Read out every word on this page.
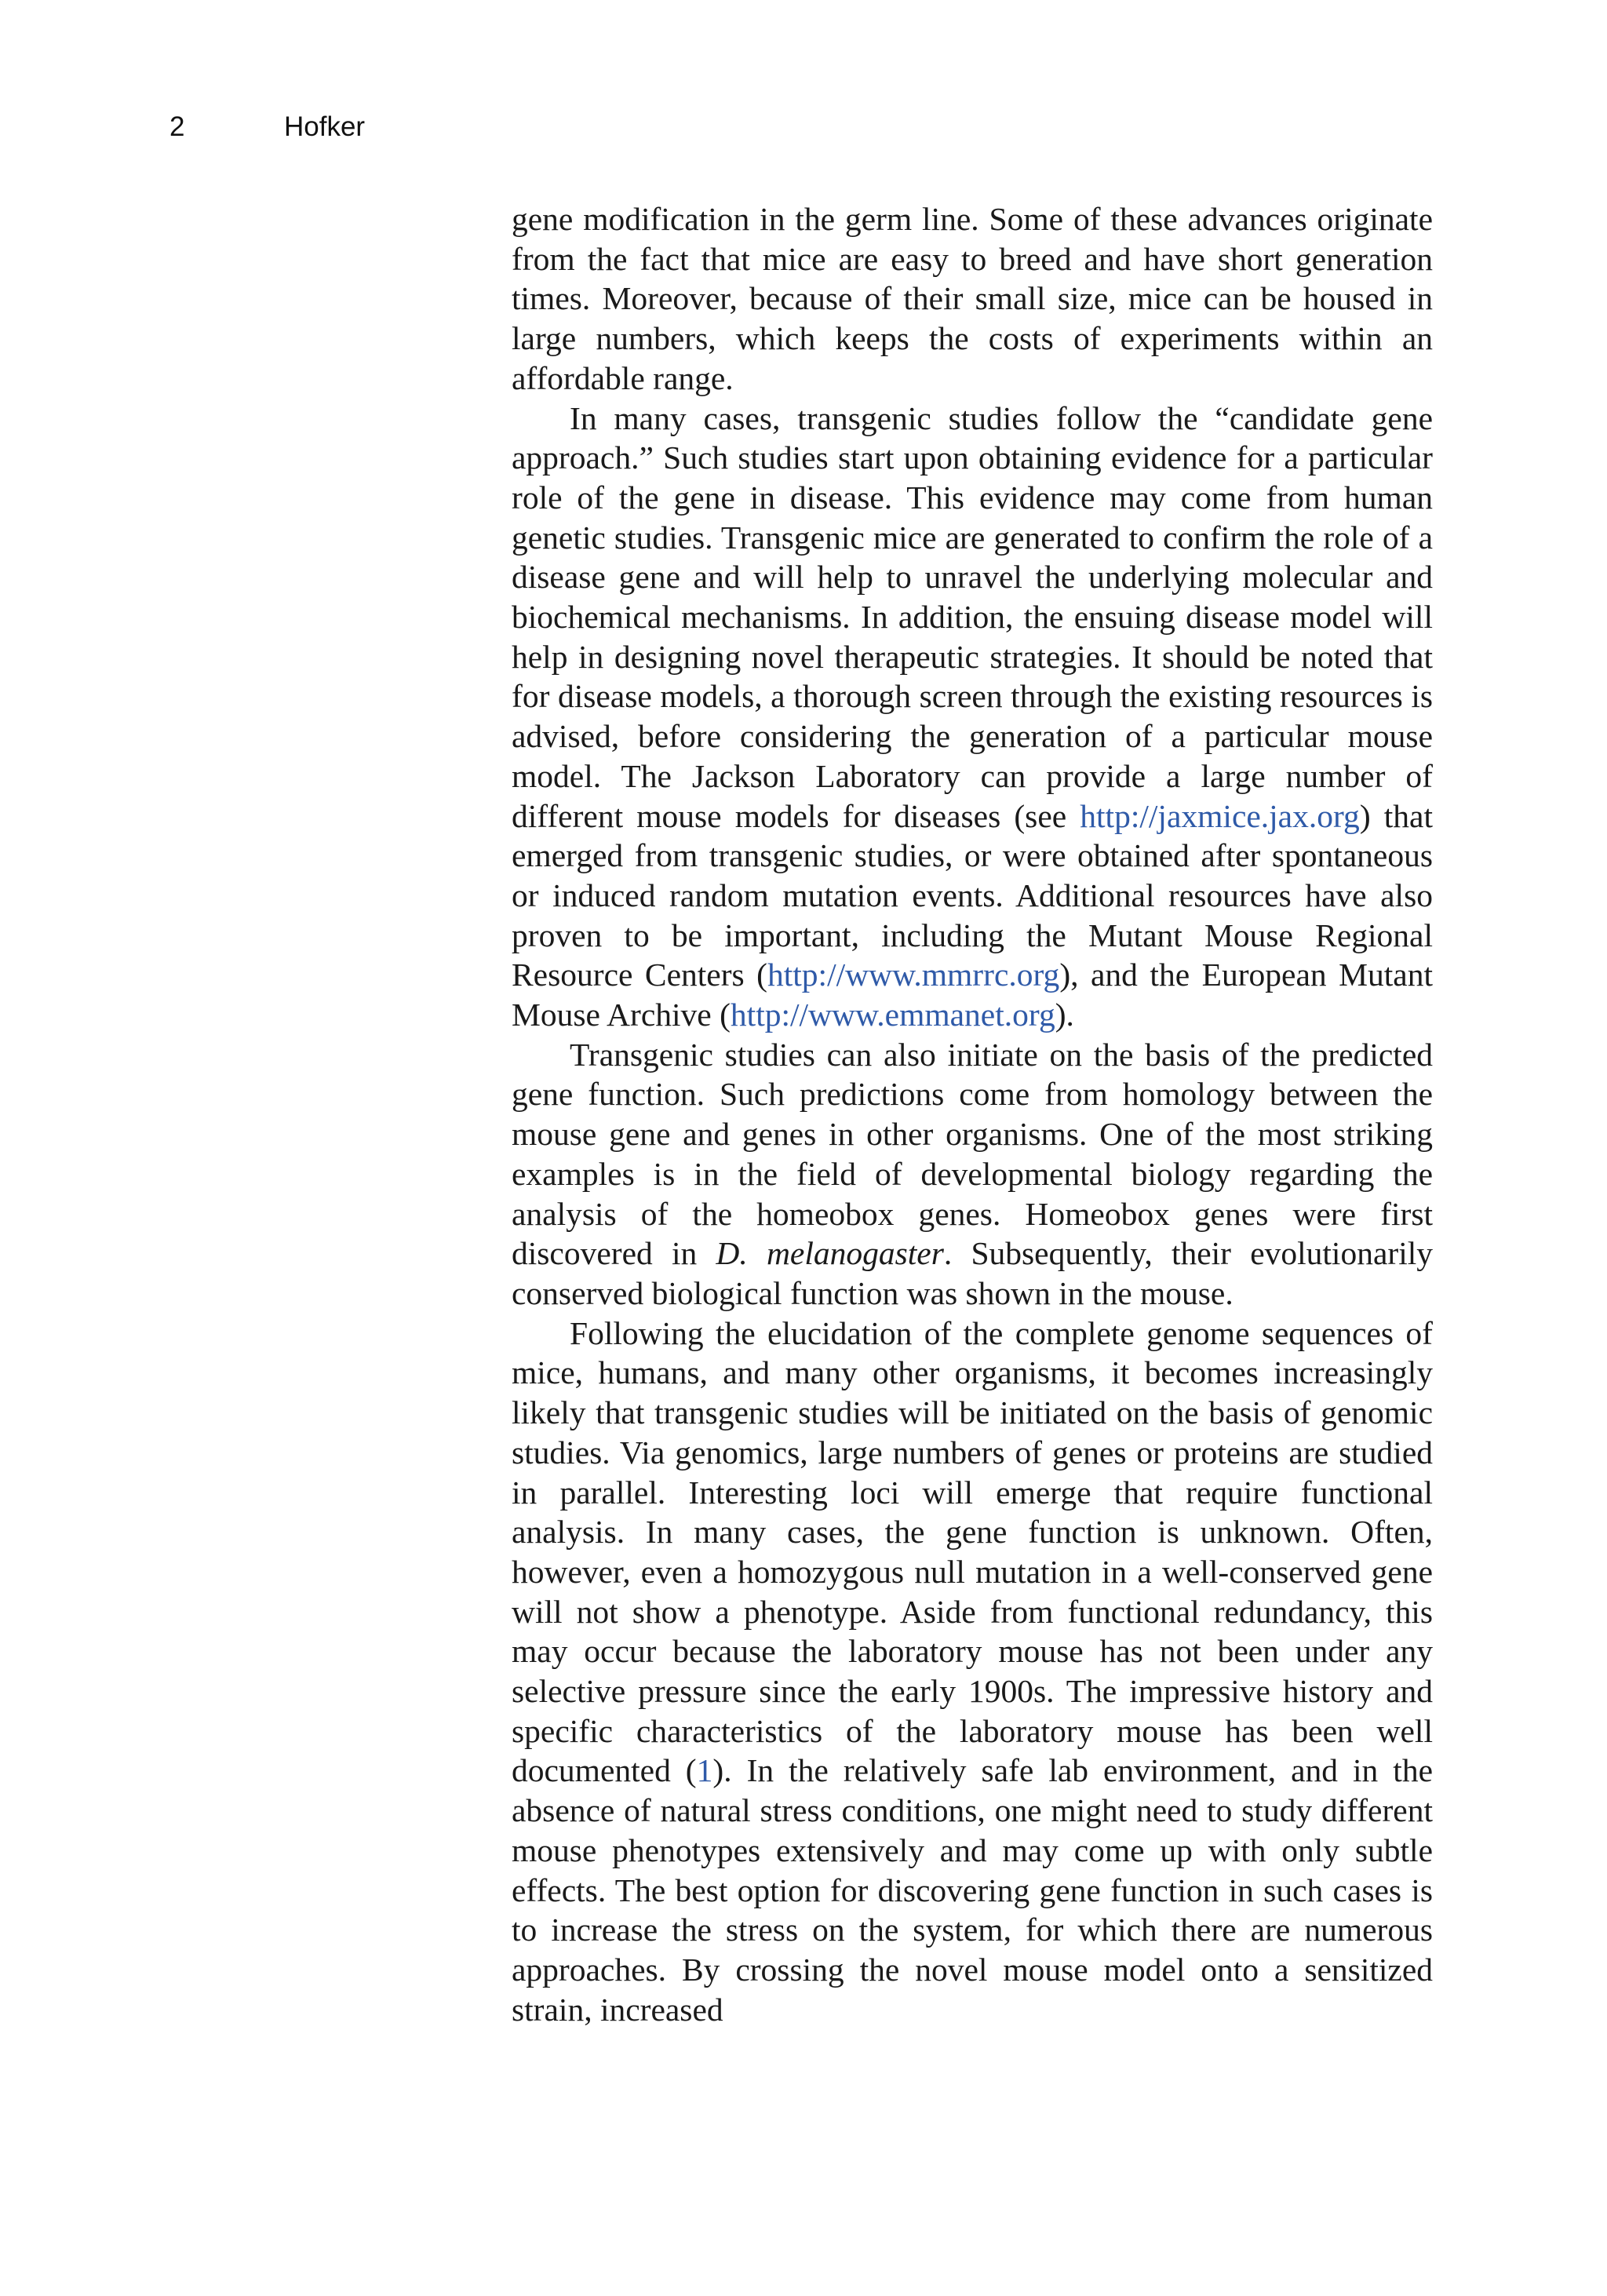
2	Hofker

gene modification in the germ line. Some of these advances originate from the fact that mice are easy to breed and have short generation times. Moreover, because of their small size, mice can be housed in large numbers, which keeps the costs of experiments within an affordable range.

In many cases, transgenic studies follow the “candidate gene approach.” Such studies start upon obtaining evidence for a particular role of the gene in disease. This evidence may come from human genetic studies. Transgenic mice are generated to confirm the role of a disease gene and will help to unravel the underlying molecular and biochemical mechanisms. In addition, the ensuing disease model will help in designing novel therapeutic strategies. It should be noted that for disease models, a thorough screen through the existing resources is advised, before considering the generation of a particular mouse model. The Jackson Laboratory can provide a large number of different mouse models for diseases (see http://jaxmice.jax.org) that emerged from transgenic studies, or were obtained after spontaneous or induced random mutation events. Additional resources have also proven to be important, including the Mutant Mouse Regional Resource Centers (http://www.mmrrc.org), and the European Mutant Mouse Archive (http://www.emmanet.org).

Transgenic studies can also initiate on the basis of the predicted gene function. Such predictions come from homology between the mouse gene and genes in other organisms. One of the most striking examples is in the field of developmental biology regarding the analysis of the homeobox genes. Homeobox genes were first discovered in D. melanogaster. Subsequently, their evolutionarily conserved biological function was shown in the mouse.

Following the elucidation of the complete genome sequences of mice, humans, and many other organisms, it becomes increasingly likely that transgenic studies will be initiated on the basis of genomic studies. Via genomics, large numbers of genes or proteins are studied in parallel. Interesting loci will emerge that require functional analysis. In many cases, the gene function is unknown. Often, however, even a homozygous null mutation in a well-conserved gene will not show a phenotype. Aside from functional redundancy, this may occur because the laboratory mouse has not been under any selective pressure since the early 1900s. The impressive history and specific characteristics of the laboratory mouse has been well documented (1). In the relatively safe lab environment, and in the absence of natural stress conditions, one might need to study different mouse phenotypes extensively and may come up with only subtle effects. The best option for discovering gene function in such cases is to increase the stress on the system, for which there are numerous approaches. By crossing the novel mouse model onto a sensitized strain, increased
